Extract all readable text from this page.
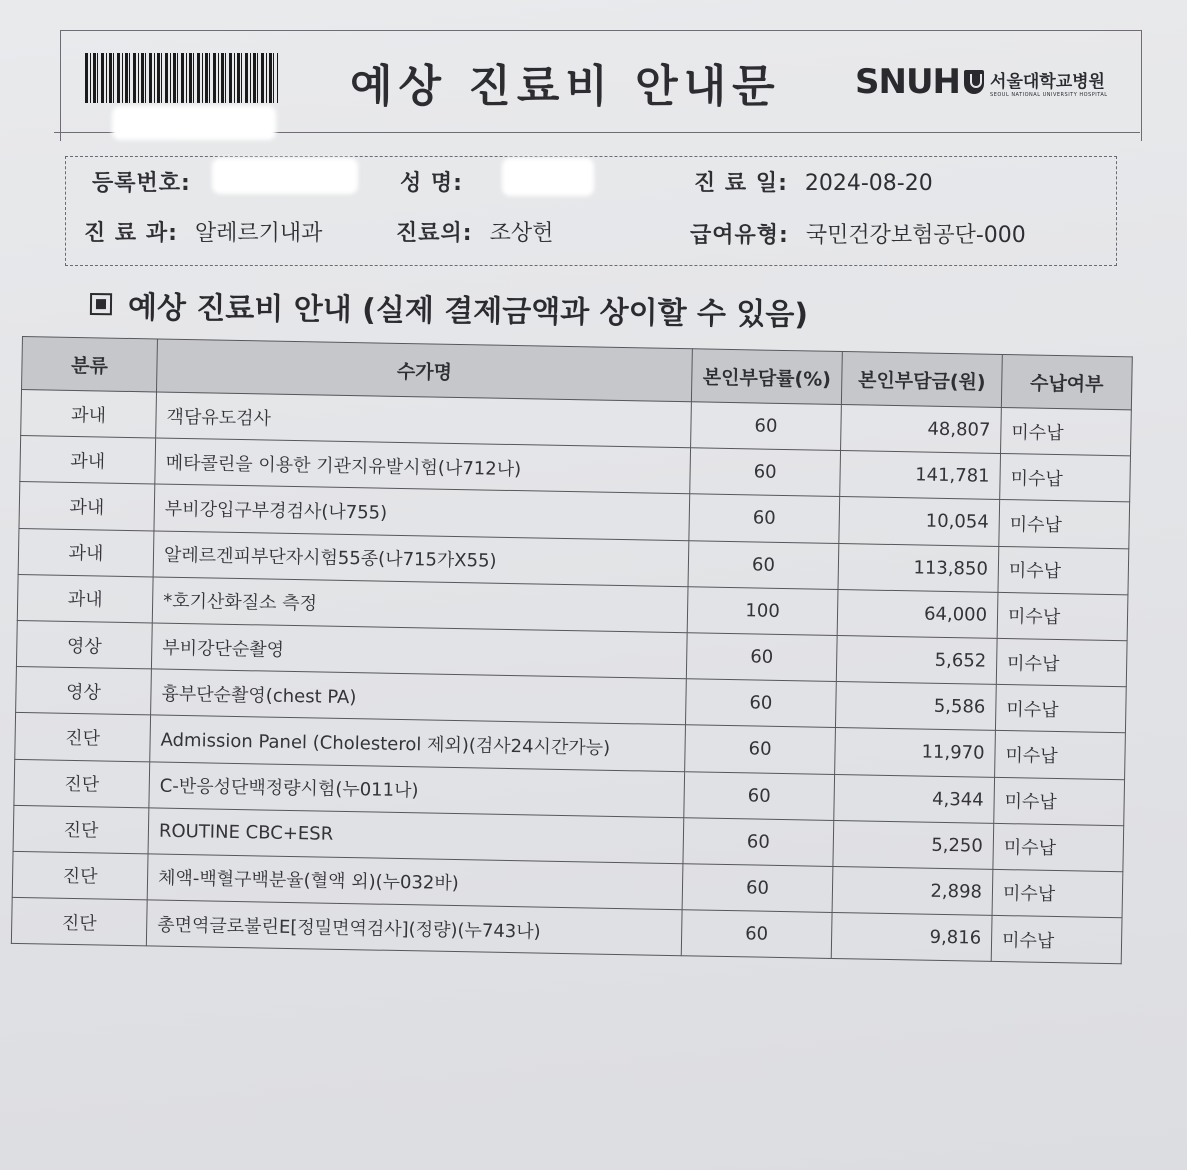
예상 진료비 안내문 SNUH 서울대학교병원
SEOUL NATIONAL UNIVERSITY HOSPITAL
등록번호:	성 명:	진 료 일: 2024-08-20
진 료 과: 알레르기내과	진료의: 조상헌	급여유형: 국민건강보험공단-000
예상 진료비 안내 (실제 결제금액과 상이할 수 있음)
분류	수가명	본인부담률(%)	본인부담금(원)	수납여부
과내	객담유도검사	60	48,807	미수납
과내	메타콜린을 이용한 기관지유발시험(나712나)	60	141,781	미수납
과내	부비강입구부경검사(나755)	60	10,054	미수납
과내	알레르겐피부단자시험55종(나715가X55)	60	113,850	미수납
과내	*호기산화질소 측정	100	64,000	미수납
영상	부비강단순촬영	60	5,652	미수납
영상	흉부단순촬영(chest PA)	60	5,586	미수납
진단	Admission Panel (Cholesterol 제외)(검사24시간가능)	60	11,970	미수납
진단	C-반응성단백정량시험(누011나)	60	4,344	미수납
진단	ROUTINE CBC+ESR	60	5,250	미수납
진단	체액-백혈구백분율(혈액 외)(누032바)	60	2,898	미수납
진단	총면역글로불린E[정밀면역검사](정량)(누743나)	60	9,816	미수납
